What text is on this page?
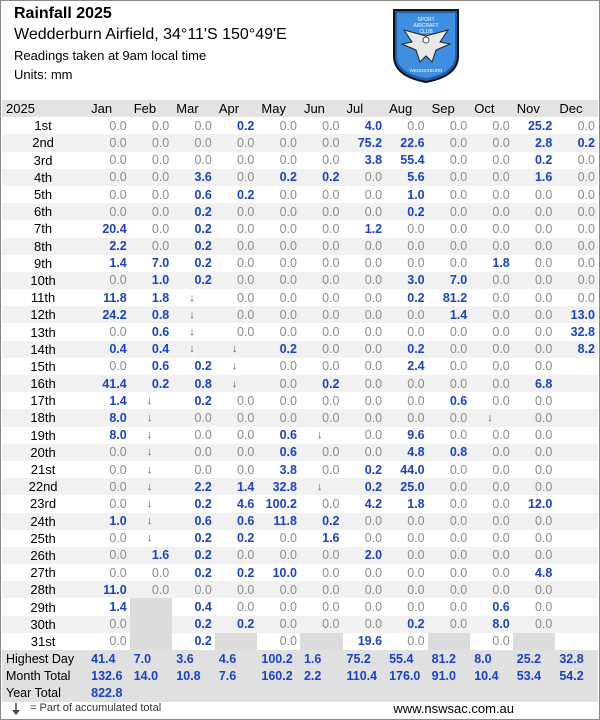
Rainfall 2025
Wedderburn Airfield, 34°11'S 150°49'E
Readings taken at 9am local time
Units: mm
SPORT
AIRCRAFT
CLUB
WEDDERBURN
2025	Jan	Feb	Mar	Apr	May	Jun	Jul	Aug	Sep	Oct	Nov	Dec
1st	0.0	0.0	0.0	0.2	0.0	0.0	4.0	0.0	0.0	0.0	25.2	0.0
2nd	0.0	0.0	0.0	0.0	0.0	0.0	75.2	22.6	0.0	0.0	2.8	0.2
3rd	0.0	0.0	0.0	0.0	0.0	0.0	3.8	55.4	0.0	0.0	0.2	0.0
4th	0.0	0.0	3.6	0.0	0.2	0.2	0.0	5.6	0.0	0.0	1.6	0.0
5th	0.0	0.0	0.6	0.2	0.0	0.0	0.0	1.0	0.0	0.0	0.0	0.0
6th	0.0	0.0	0.2	0.0	0.0	0.0	0.0	0.2	0.0	0.0	0.0	0.0
7th	20.4	0.0	0.2	0.0	0.0	0.0	1.2	0.0	0.0	0.0	0.0	0.0
8th	2.2	0.0	0.2	0.0	0.0	0.0	0.0	0.0	0.0	0.0	0.0	0.0
9th	1.4	7.0	0.2	0.0	0.0	0.0	0.0	0.0	0.0	1.8	0.0	0.0
10th	0.0	1.0	0.2	0.0	0.0	0.0	0.0	3.0	7.0	0.0	0.0	0.0
11th	11.8	1.8	↓	0.0	0.0	0.0	0.0	0.2	81.2	0.0	0.0	0.0
12th	24.2	0.8	↓	0.0	0.0	0.0	0.0	0.0	1.4	0.0	0.0	13.0
13th	0.0	0.6	↓	0.0	0.0	0.0	0.0	0.0	0.0	0.0	0.0	32.8
14th	0.4	0.4	↓	↓	0.2	0.0	0.0	0.2	0.0	0.0	0.0	8.2
15th	0.0	0.6	0.2	↓	0.0	0.0	0.0	2.4	0.0	0.0	0.0	
16th	41.4	0.2	0.8	↓	0.0	0.2	0.0	0.0	0.0	0.0	6.8	
17th	1.4	↓	0.2	0.0	0.0	0.0	0.0	0.0	0.6	0.0	0.0	
18th	8.0	↓	0.0	0.0	0.0	0.0	0.0	0.0	0.0	↓	0.0	
19th	8.0	↓	0.0	0.0	0.6	↓	0.0	9.6	0.0	0.0	0.0	
20th	0.0	↓	0.0	0.0	0.6	0.0	0.0	4.8	0.8	0.0	0.0	
21st	0.0	↓	0.0	0.0	3.8	0.0	0.2	44.0	0.0	0.0	0.0	
22nd	0.0	↓	2.2	1.4	32.8	↓	0.2	25.0	0.0	0.0	0.0	
23rd	0.0	↓	0.2	4.6	100.2	0.0	4.2	1.8	0.0	0.0	12.0	
24th	1.0	↓	0.6	0.6	11.8	0.2	0.0	0.0	0.0	0.0	0.0	
25th	0.0	↓	0.2	0.2	0.0	1.6	0.0	0.0	0.0	0.0	0.0	
26th	0.0	1.6	0.2	0.0	0.0	0.0	2.0	0.0	0.0	0.0	0.0	
27th	0.0	0.0	0.2	0.2	10.0	0.0	0.0	0.0	0.0	0.0	4.8	
28th	11.0	0.0	0.0	0.0	0.0	0.0	0.0	0.0	0.0	0.0	0.0	
29th	1.4		0.4	0.0	0.0	0.0	0.0	0.0	0.0	0.6	0.0	
30th	0.0		0.2	0.2	0.0	0.0	0.0	0.2	0.0	8.0	0.0	
31st	0.0		0.2		0.0		19.6	0.0		0.0		
Highest Day	41.4	7.0	3.6	4.6	100.2	1.6	75.2	55.4	81.2	8.0	25.2	32.8
Month Total	132.6	14.0	10.8	7.6	160.2	2.2	110.4	176.0	91.0	10.4	53.4	54.2
Year Total	822.8											
= Part of accumulated total	www.nswsac.com.au
